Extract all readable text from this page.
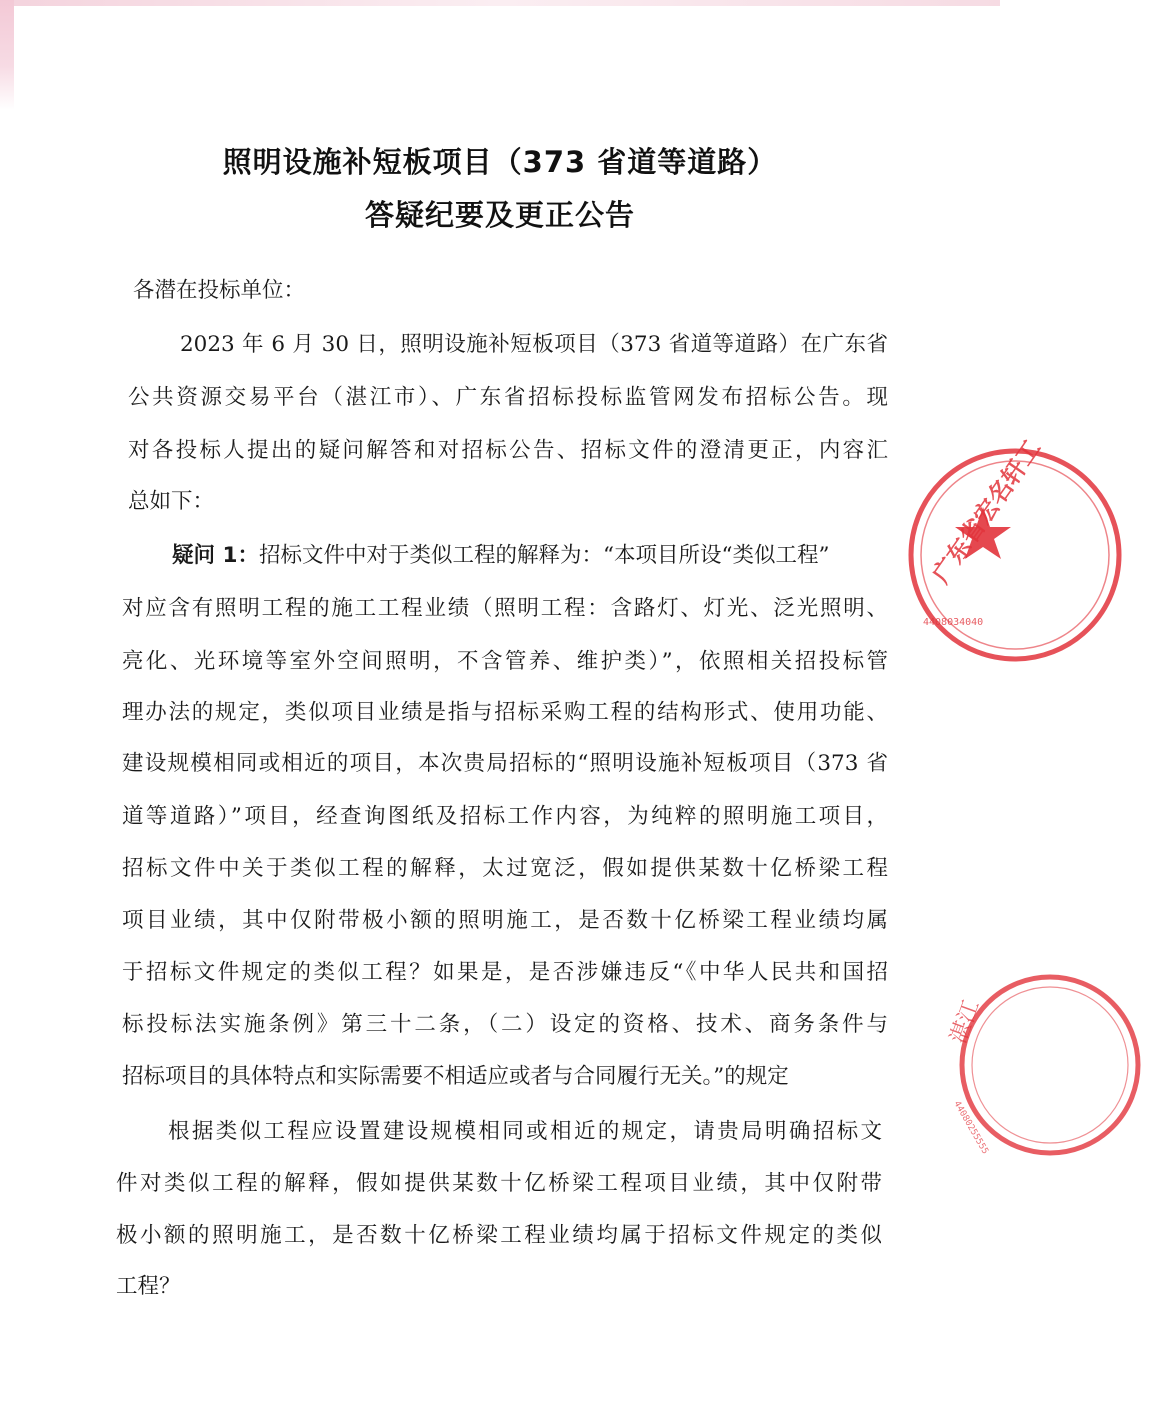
照明设施补短板项目（373 省道等道路）
答疑纪要及更正公告
各潜在投标单位：
2023 年 6 月 30 日，照明设施补短板项目（373 省道等道路）在广东省
公共资源交易平台（湛江市）、广东省招标投标监管网发布招标公告。现
对各投标人提出的疑问解答和对招标公告、招标文件的澄清更正，内容汇
总如下：
疑问 1：招标文件中对于类似工程的解释为：“本项目所设“类似工程”
对应含有照明工程的施工工程业绩（照明工程：含路灯、灯光、泛光照明、
亮化、光环境等室外空间照明，不含管养、维护类）”，依照相关招投标管
理办法的规定，类似项目业绩是指与招标采购工程的结构形式、使用功能、
建设规模相同或相近的项目，本次贵局招标的“照明设施补短板项目（373 省
道等道路）”项目，经查询图纸及招标工作内容，为纯粹的照明施工项目，
招标文件中关于类似工程的解释，太过宽泛，假如提供某数十亿桥梁工程
项目业绩，其中仅附带极小额的照明施工，是否数十亿桥梁工程业绩均属
于招标文件规定的类似工程？如果是，是否涉嫌违反“《中华人民共和国招
标投标法实施条例》第三十二条，（二）设定的资格、技术、商务条件与
招标项目的具体特点和实际需要不相适应或者与合同履行无关。”的规定
根据类似工程应设置建设规模相同或相近的规定，请贵局明确招标文
件对类似工程的解释，假如提供某数十亿桥梁工程项目业绩，其中仅附带
极小额的照明施工，是否数十亿桥梁工程业绩均属于招标文件规定的类似
工程？
广东省宏名轩工
4408034040
湛江
44080255555
